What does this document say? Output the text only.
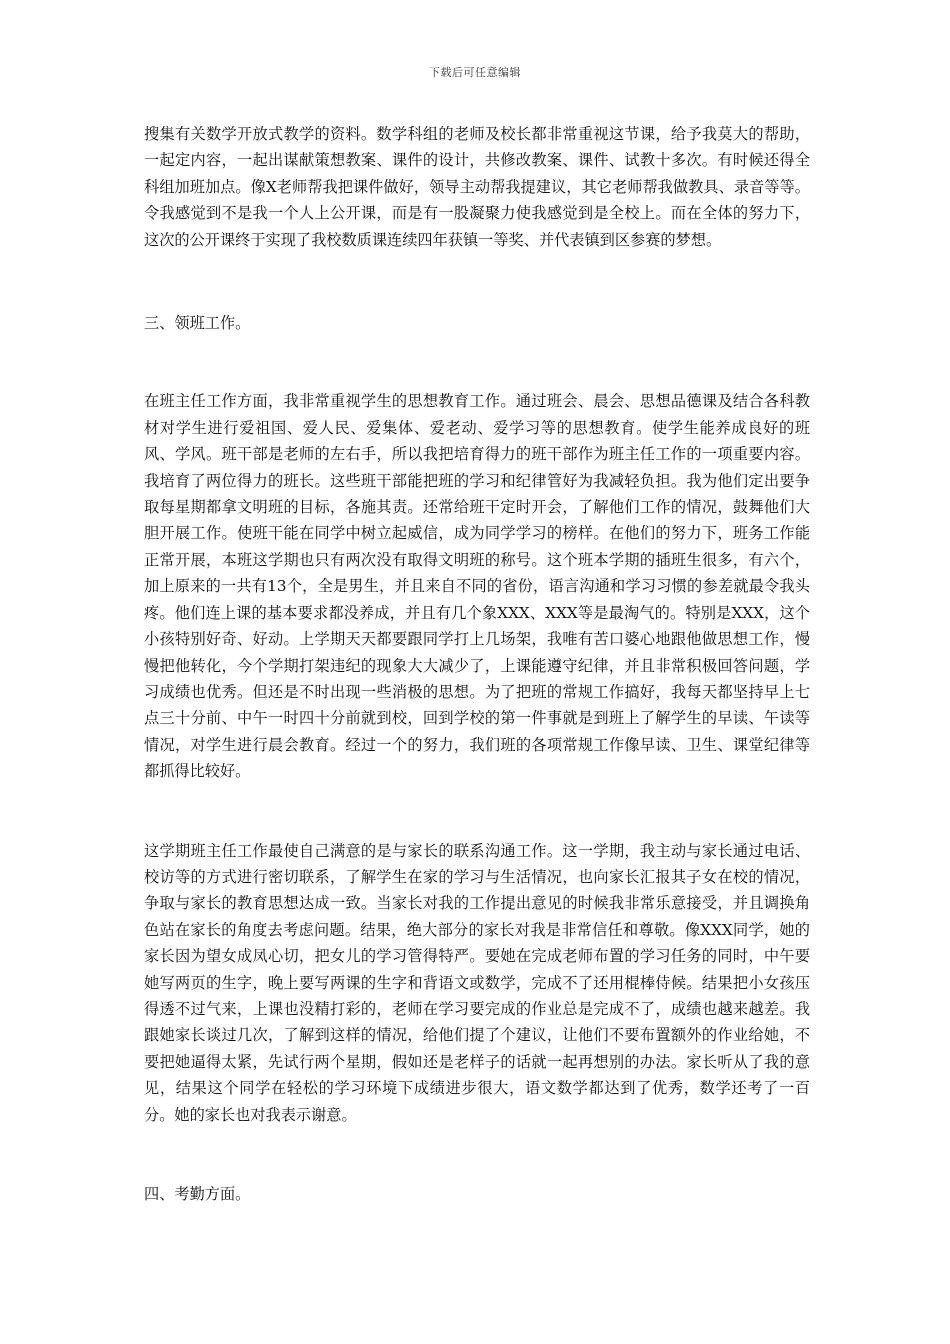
下载后可任意编辑

搜集有关数学开放式教学的资料。数学科组的老师及校长都非常重视这节课，给予我莫大的帮助，一起定内容，一起出谋献策想教案、课件的设计，共修改教案、课件、试教十多次。有时候还得全科组加班加点。像X老师帮我把课件做好，领导主动帮我提建议，其它老师帮我做教具、录音等等。令我感觉到不是我一个人上公开课，而是有一股凝聚力使我感觉到是全校上。而在全体的努力下，这次的公开课终于实现了我校数质课连续四年获镇一等奖、并代表镇到区参赛的梦想。

三、领班工作。

在班主任工作方面，我非常重视学生的思想教育工作。通过班会、晨会、思想品德课及结合各科教材对学生进行爱祖国、爱人民、爱集体、爱老动、爱学习等的思想教育。使学生能养成良好的班风、学风。班干部是老师的左右手，所以我把培育得力的班干部作为班主任工作的一项重要内容。我培育了两位得力的班长。这些班干部能把班的学习和纪律管好为我减轻负担。我为他们定出要争取每星期都拿文明班的目标，各施其责。还常给班干定时开会，了解他们工作的情况，鼓舞他们大胆开展工作。使班干能在同学中树立起威信，成为同学学习的榜样。在他们的努力下，班务工作能正常开展，本班这学期也只有两次没有取得文明班的称号。这个班本学期的插班生很多，有六个，加上原来的一共有13个，全是男生，并且来自不同的省份，语言沟通和学习习惯的参差就最令我头疼。他们连上课的基本要求都没养成，并且有几个象XXX、XXX等是最淘气的。特别是XXX，这个小孩特别好奇、好动。上学期天天都要跟同学打上几场架，我唯有苦口婆心地跟他做思想工作，慢慢把他转化，今个学期打架违纪的现象大大减少了，上课能遵守纪律，并且非常积极回答问题，学习成绩也优秀。但还是不时出现一些消极的思想。为了把班的常规工作搞好，我每天都坚持早上七点三十分前、中午一时四十分前就到校，回到学校的第一件事就是到班上了解学生的早读、午读等情况，对学生进行晨会教育。经过一个的努力，我们班的各项常规工作像早读、卫生、课堂纪律等都抓得比较好。

这学期班主任工作最使自己满意的是与家长的联系沟通工作。这一学期，我主动与家长通过电话、校访等的方式进行密切联系，了解学生在家的学习与生活情况，也向家长汇报其子女在校的情况，争取与家长的教育思想达成一致。当家长对我的工作提出意见的时候我非常乐意接受，并且调换角色站在家长的角度去考虑问题。结果，绝大部分的家长对我是非常信任和尊敬。像XXX同学，她的家长因为望女成凤心切，把女儿的学习管得特严。要她在完成老师布置的学习任务的同时，中午要她写两页的生字，晚上要写两课的生字和背语文或数学，完成不了还用棍棒侍候。结果把小女孩压得透不过气来，上课也没精打彩的，老师在学习要完成的作业总是完成不了，成绩也越来越差。我跟她家长谈过几次，了解到这样的情况，给他们提了个建议，让他们不要布置额外的作业给她，不要把她逼得太紧，先试行两个星期，假如还是老样子的话就一起再想别的办法。家长听从了我的意见，结果这个同学在轻松的学习环境下成绩进步很大，语文数学都达到了优秀，数学还考了一百分。她的家长也对我表示谢意。

四、考勤方面。
